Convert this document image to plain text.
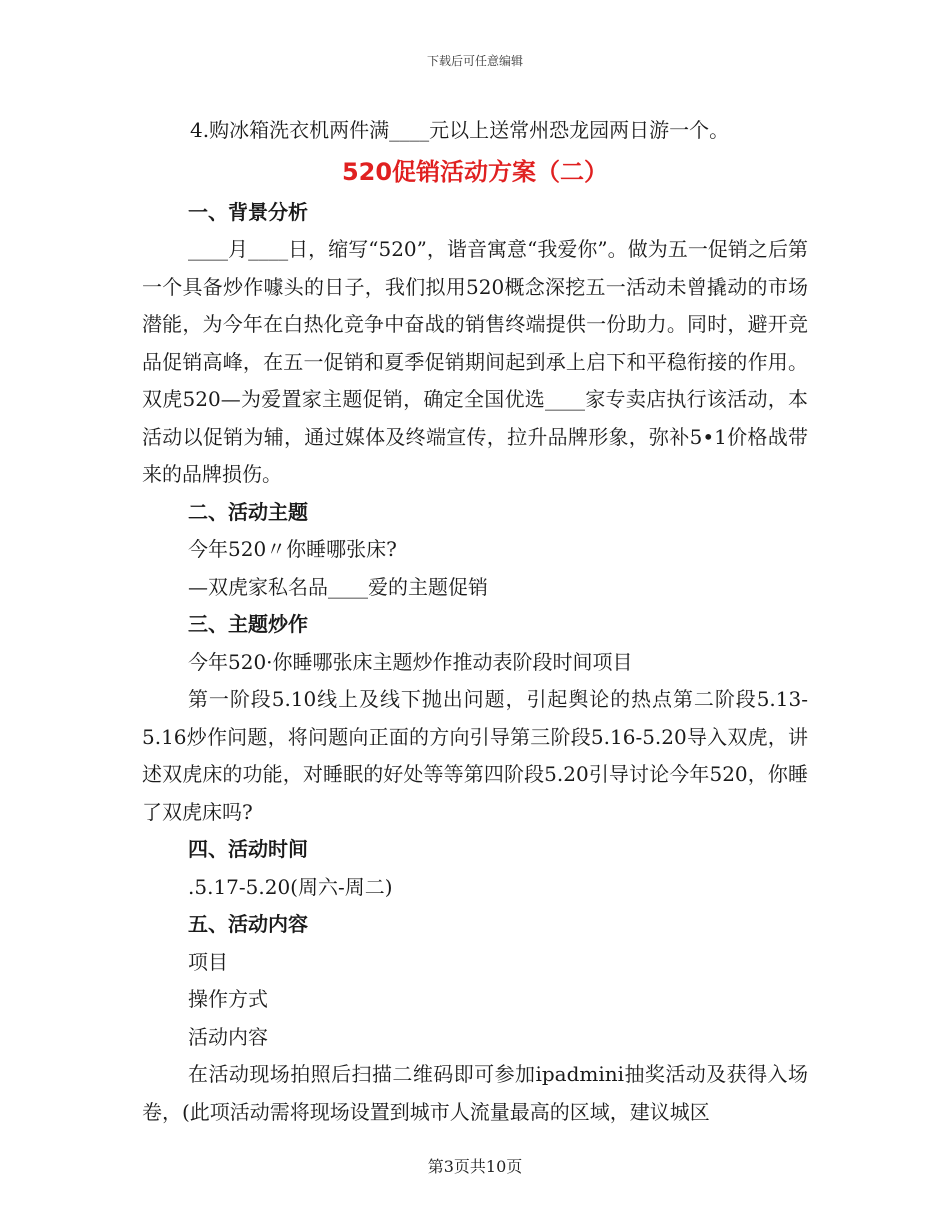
下载后可任意编辑

4.购冰箱洗衣机两件满____元以上送常州恐龙园两日游一个。

520促销活动方案（二）

一、背景分析

____月____日，缩写“520”，谐音寓意“我爱你”。做为五一促销之后第一个具备炒作噱头的日子，我们拟用520概念深挖五一活动未曾撬动的市场潜能，为今年在白热化竞争中奋战的销售终端提供一份助力。同时，避开竞品促销高峰，在五一促销和夏季促销期间起到承上启下和平稳衔接的作用。双虎520—为爱置家主题促销，确定全国优选____家专卖店执行该活动，本活动以促销为辅，通过媒体及终端宣传，拉升品牌形象，弥补5•1价格战带来的品牌损伤。

二、活动主题

今年520〃你睡哪张床?

—双虎家私名品____爱的主题促销

三、主题炒作

今年520·你睡哪张床主题炒作推动表阶段时间项目

第一阶段5.10线上及线下抛出问题，引起舆论的热点第二阶段5.13-5.16炒作问题，将问题向正面的方向引导第三阶段5.16-5.20导入双虎，讲述双虎床的功能，对睡眠的好处等等第四阶段5.20引导讨论今年520，你睡了双虎床吗?

四、活动时间

.5.17-5.20(周六-周二)

五、活动内容

项目

操作方式

活动内容

在活动现场拍照后扫描二维码即可参加ipadmini抽奖活动及获得入场卷，(此项活动需将现场设置到城市人流量最高的区域，建议城区

第3页共10页
